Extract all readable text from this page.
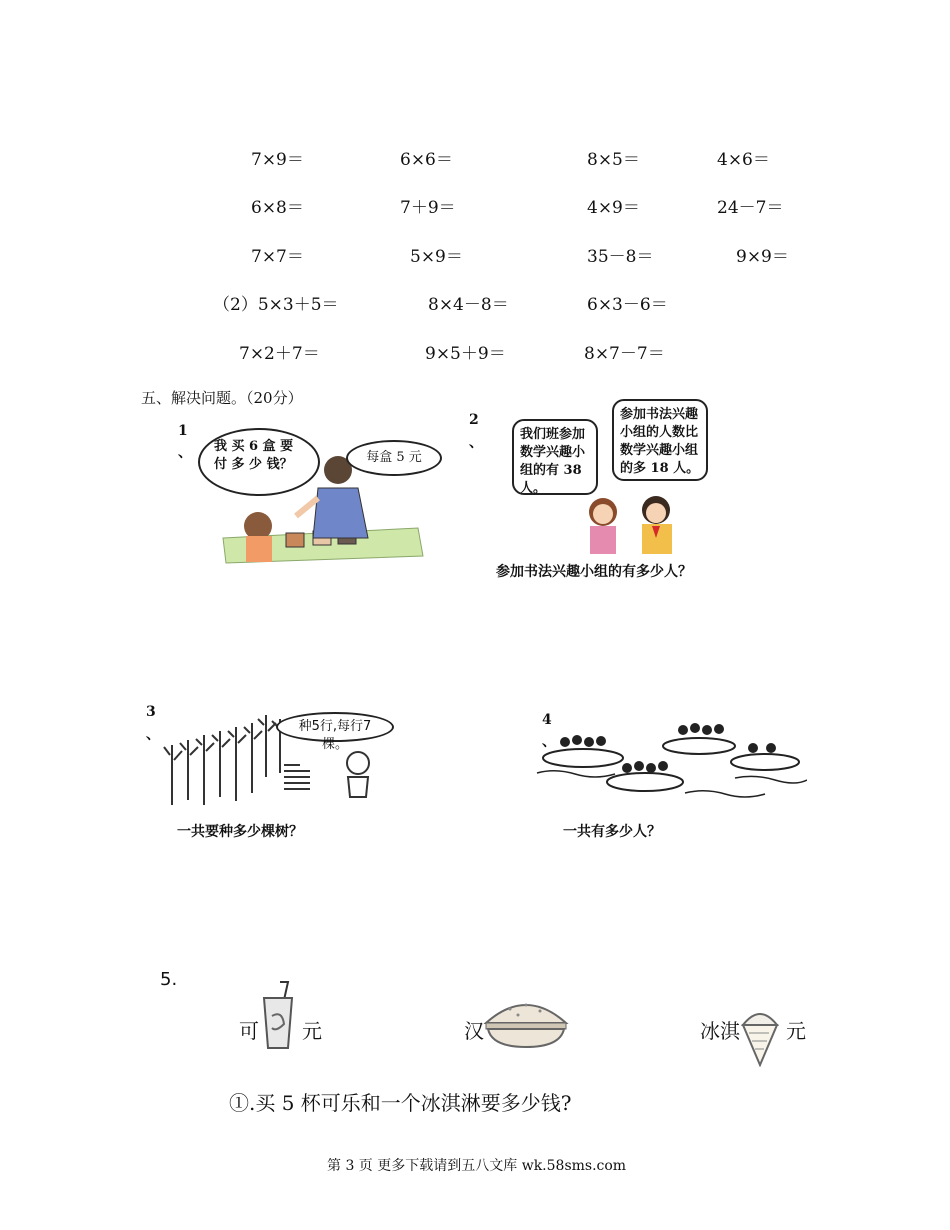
7×9＝	6×6＝	8×5＝	4×6＝
6×8＝	7＋9＝	4×9＝	24－7＝
7×7＝	5×9＝	35－8＝	9×9＝
（2）5×3＋5＝	8×4－8＝	6×3－6＝
7×2＋7＝	9×5＋9＝	8×7－7＝
五、解决问题。（20分）
1
、	我 买 6 盒 要 付 多 少 钱？	每盒 5 元
2
、
我们班参加数学兴趣小组的有 38 人。
参加书法兴趣小组的人数比数学兴趣小组的多 18 人。
参加书法兴趣小组的有多少人？
3
、
种5行,每行7棵。
一共要种多少棵树？
4
、
一共有多少人？
5.
可 元	汉	冰淇 元
①.买 5 杯可乐和一个冰淇淋要多少钱?
第 3 页 更多下载请到五八文库 wk.58sms.com
